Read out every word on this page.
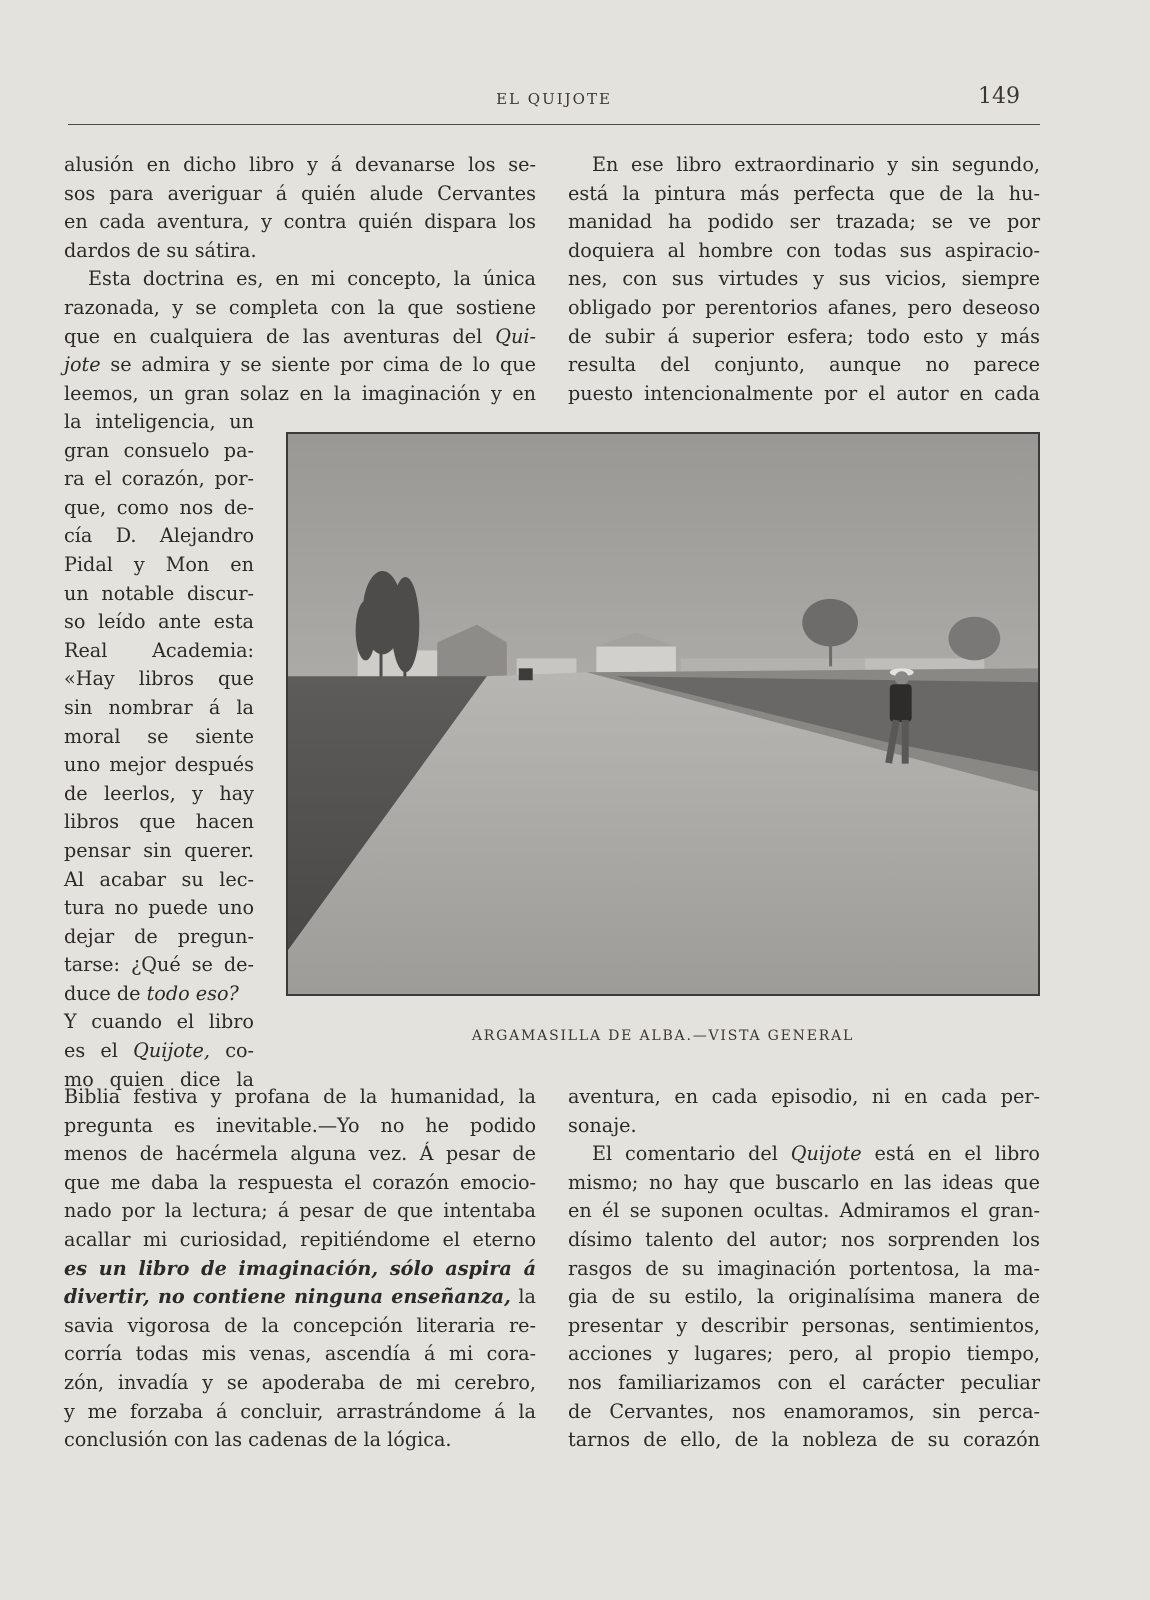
EL QUIJOTE	149
alusión en dicho libro y á devanarse los se-
sos para averiguar á quién alude Cervantes
en cada aventura, y contra quién dispara los
dardos de su sátira.
Esta doctrina es, en mi concepto, la única
razonada, y se completa con la que sostiene
que en cualquiera de las aventuras del Qui-
jote se admira y se siente por cima de lo que
leemos, un gran solaz en la imaginación y en
En ese libro extraordinario y sin segundo,
está la pintura más perfecta que de la hu-
manidad ha podido ser trazada; se ve por
doquiera al hombre con todas sus aspiracio-
nes, con sus virtudes y sus vicios, siempre
obligado por perentorios afanes, pero deseoso
de subir á superior esfera; todo esto y más
resulta del conjunto, aunque no parece
puesto intencionalmente por el autor en cada
la inteligencia, un
gran consuelo pa-
ra el corazón, por-
que, como nos de-
cía D. Alejandro
Pidal y Mon en
un notable discur-
so leído ante esta
Real Academia:
«Hay libros que
sin nombrar á la
moral se siente
uno mejor después
de leerlos, y hay
libros que hacen
pensar sin querer.
Al acabar su lec-
tura no puede uno
dejar de pregun-
tarse: ¿Qué se de-
duce de todo eso?
Y cuando el libro
es el Quijote, co-
mo quien dice la
ARGAMASILLA DE ALBA.—VISTA GENERAL
Biblia festiva y profana de la humanidad, la
pregunta es inevitable.—Yo no he podido
menos de hacérmela alguna vez. Á pesar de
que me daba la respuesta el corazón emocio-
nado por la lectura; á pesar de que intentaba
acallar mi curiosidad, repitiéndome el eterno
es un libro de imaginación, sólo aspira á
divertir, no contiene ninguna enseñanza, la
savia vigorosa de la concepción literaria re-
corría todas mis venas, ascendía á mi cora-
zón, invadía y se apoderaba de mi cerebro,
y me forzaba á concluir, arrastrándome á la
conclusión con las cadenas de la lógica.
aventura, en cada episodio, ni en cada per-
sonaje.
El comentario del Quijote está en el libro
mismo; no hay que buscarlo en las ideas que
en él se suponen ocultas. Admiramos el gran-
dísimo talento del autor; nos sorprenden los
rasgos de su imaginación portentosa, la ma-
gia de su estilo, la originalísima manera de
presentar y describir personas, sentimientos,
acciones y lugares; pero, al propio tiempo,
nos familiarizamos con el carácter peculiar
de Cervantes, nos enamoramos, sin perca-
tarnos de ello, de la nobleza de su corazón
